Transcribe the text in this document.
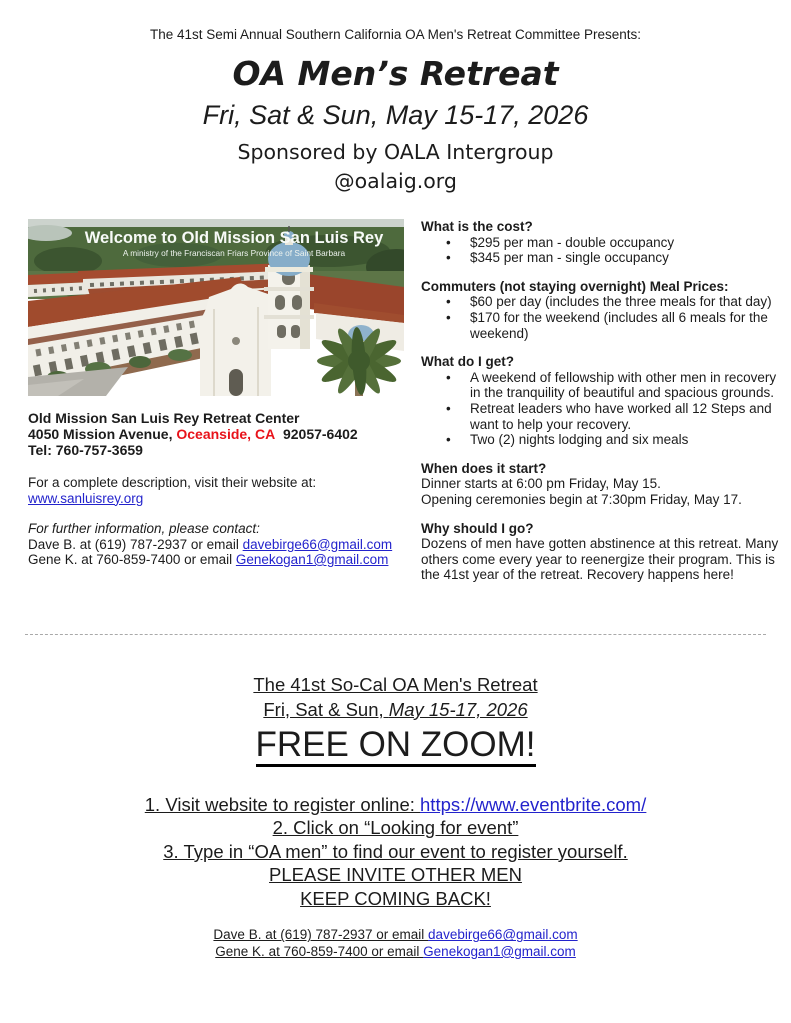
The 41st Semi Annual Southern California OA Men's Retreat Committee Presents:
OA Men’s Retreat
Fri, Sat & Sun, May 15-17, 2026
Sponsored by OALA Intergroup
@oalaig.org
Welcome to Old Mission San Luis Rey
A ministry of the Franciscan Friars Province of Saint Barbara
Old Mission San Luis Rey Retreat Center
4050 Mission Avenue, Oceanside, CA  92057-6402
Tel: 760-757-3659
For a complete description, visit their website at:
www.sanluisrey.org
For further information, please contact:
Dave B. at (619) 787-2937 or email davebirge66@gmail.com
Gene K. at 760-859-7400 or email Genekogan1@gmail.com
What is the cost?
•	$295 per man - double occupancy
•	$345 per man - single occupancy
Commuters (not staying overnight) Meal Prices:
•	$60 per day (includes the three meals for that day)
•	$170 for the weekend (includes all 6 meals for the weekend)
What do I get?
•	A weekend of fellowship with other men in recovery in the tranquility of beautiful and spacious grounds.
•	Retreat leaders who have worked all 12 Steps and want to help your recovery.
•	Two (2) nights lodging and six meals
When does it start?
Dinner starts at 6:00 pm Friday, May 15.
Opening ceremonies begin at 7:30pm Friday, May 17.
Why should I go?
Dozens of men have gotten abstinence at this retreat. Many others come every year to reenergize their program. This is the 41st year of the retreat. Recovery happens here!
The 41st So-Cal OA Men's Retreat
Fri, Sat & Sun, May 15-17, 2026
FREE ON ZOOM!
1. Visit website to register online: https://www.eventbrite.com/
2. Click on “Looking for event”
3. Type in “OA men” to find our event to register yourself.
PLEASE INVITE OTHER MEN
KEEP COMING BACK!
Dave B. at (619) 787-2937 or email davebirge66@gmail.com
Gene K. at 760-859-7400 or email Genekogan1@gmail.com
